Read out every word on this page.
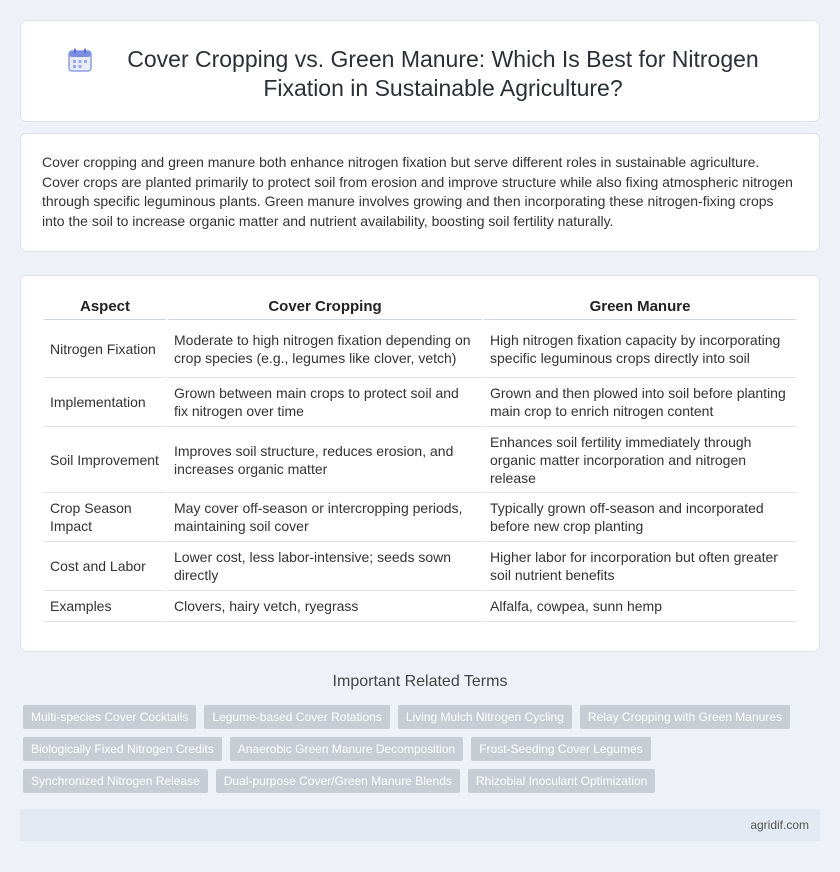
Cover Cropping vs. Green Manure: Which Is Best for Nitrogen Fixation in Sustainable Agriculture?

Cover cropping and green manure both enhance nitrogen fixation but serve different roles in sustainable agriculture. Cover crops are planted primarily to protect soil from erosion and improve structure while also fixing atmospheric nitrogen through specific leguminous plants. Green manure involves growing and then incorporating these nitrogen-fixing crops into the soil to increase organic matter and nutrient availability, boosting soil fertility naturally.

Aspect	Cover Cropping	Green Manure
Nitrogen Fixation	Moderate to high nitrogen fixation depending on crop species (e.g., legumes like clover, vetch)	High nitrogen fixation capacity by incorporating specific leguminous crops directly into soil
Implementation	Grown between main crops to protect soil and fix nitrogen over time	Grown and then plowed into soil before planting main crop to enrich nitrogen content
Soil Improvement	Improves soil structure, reduces erosion, and increases organic matter	Enhances soil fertility immediately through organic matter incorporation and nitrogen release
Crop Season Impact	May cover off-season or intercropping periods, maintaining soil cover	Typically grown off-season and incorporated before new crop planting
Cost and Labor	Lower cost, less labor-intensive; seeds sown directly	Higher labor for incorporation but often greater soil nutrient benefits
Examples	Clovers, hairy vetch, ryegrass	Alfalfa, cowpea, sunn hemp
Important Related Terms
Multi-species Cover Cocktails	Legume-based Cover Rotations	Living Mulch Nitrogen Cycling	Relay Cropping with Green Manures
Biologically Fixed Nitrogen Credits	Anaerobic Green Manure Decomposition	Frost-Seeding Cover Legumes
Synchronized Nitrogen Release	Dual-purpose Cover/Green Manure Blends	Rhizobial Inoculant Optimization
agridif.com
